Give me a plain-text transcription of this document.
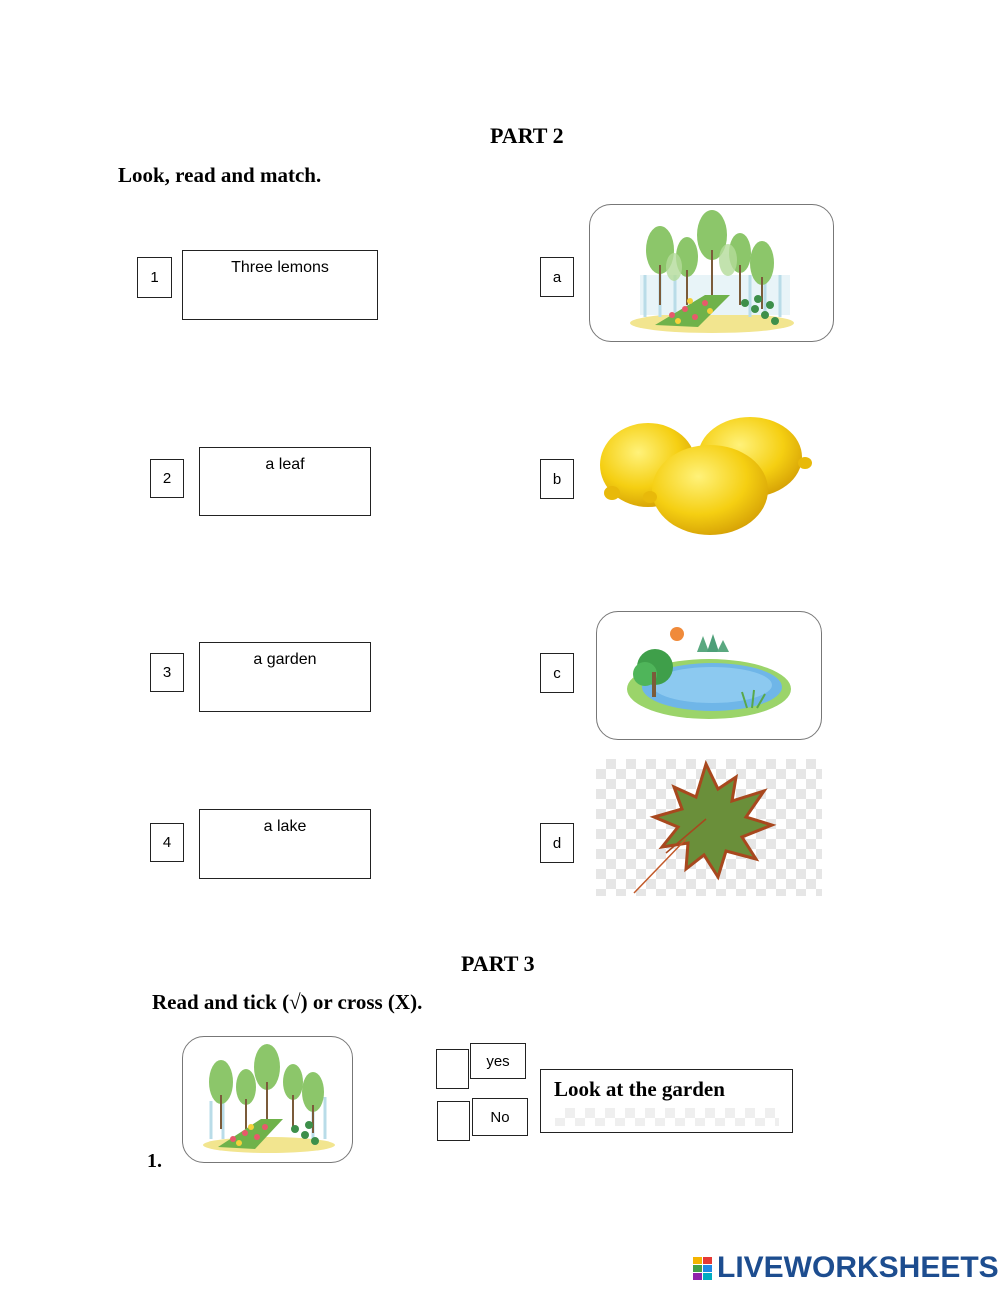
PART 2
Look, read and match.
1
Three lemons
2
a leaf
3
a garden
4
a lake
a
b
c
d
PART 3
Read and tick (√) or cross (X).
1.
yes
No
Look at the garden
LIVEWORKSHEETS
